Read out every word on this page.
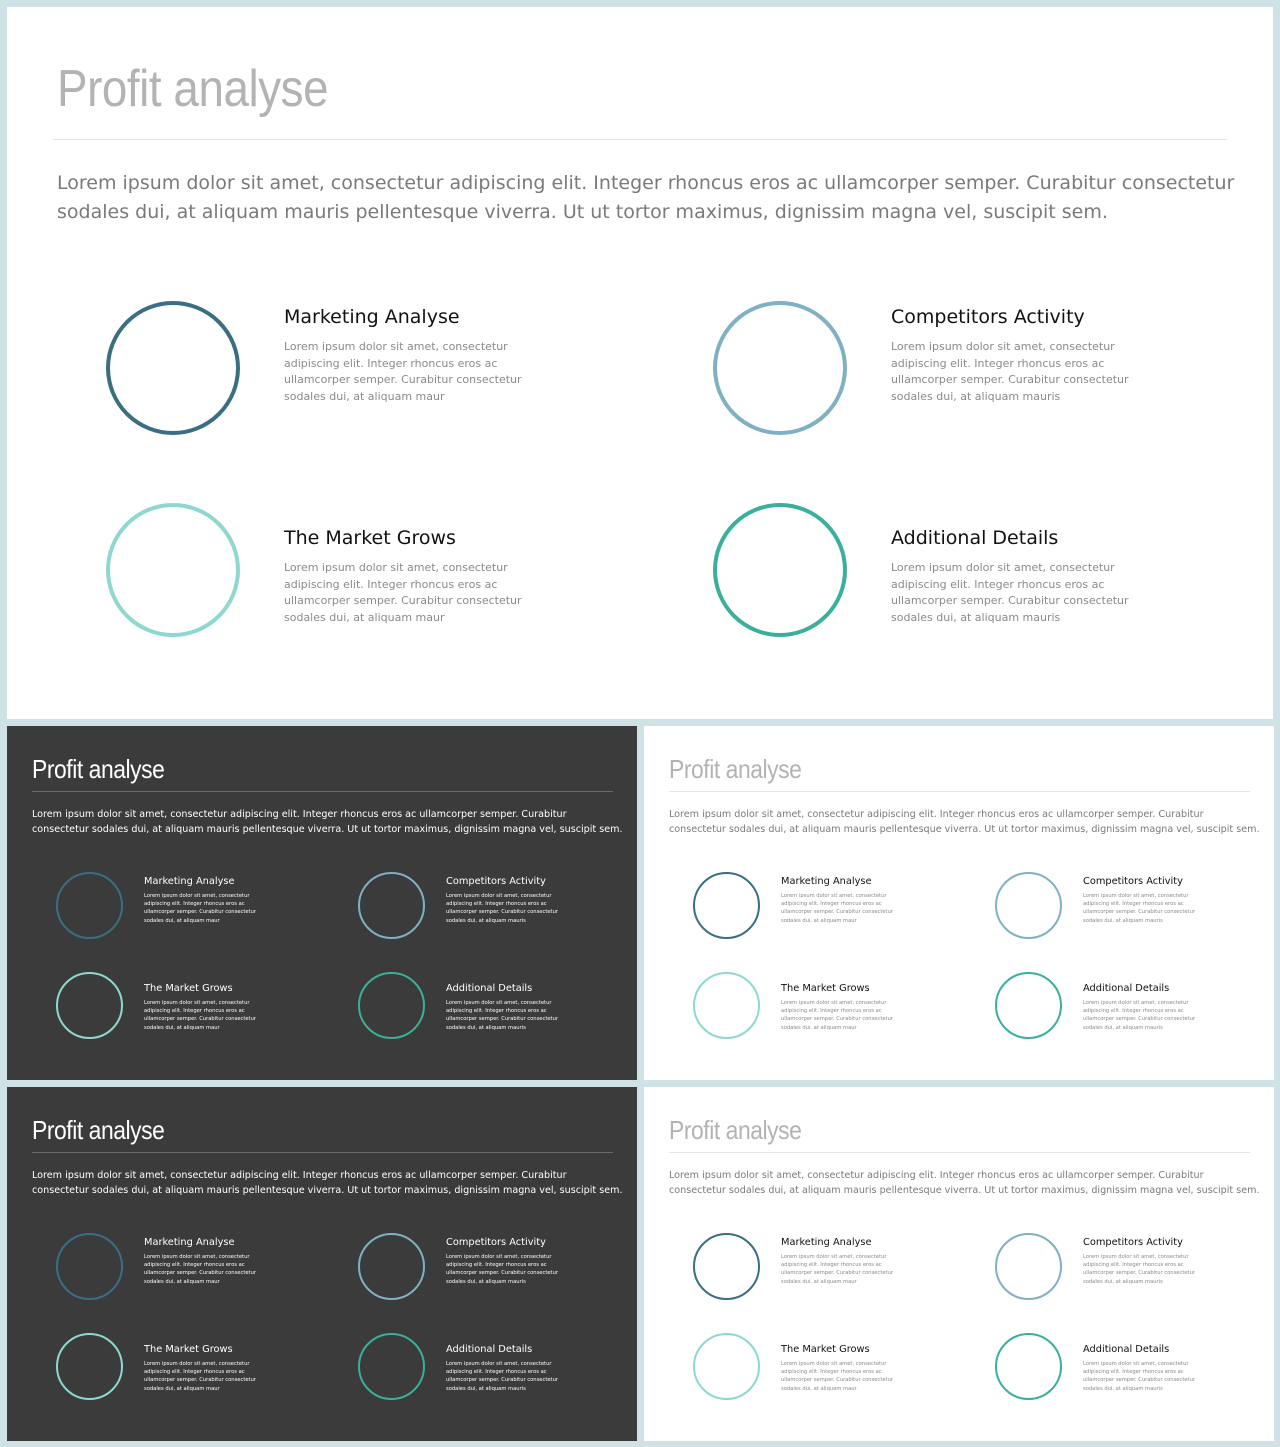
Profit analyse

Lorem ipsum dolor sit amet, consectetur adipiscing elit. Integer rhoncus eros ac ullamcorper semper. Curabitur consectetur sodales dui, at aliquam mauris pellentesque viverra. Ut ut tortor maximus, dignissim magna vel, suscipit sem.

Marketing Analyse

Lorem ipsum dolor sit amet, consectetur adipiscing elit. Integer rhoncus eros ac ullamcorper semper. Curabitur consectetur sodales dui, at aliquam maur

Competitors Activity

Lorem ipsum dolor sit amet, consectetur adipiscing elit. Integer rhoncus eros ac ullamcorper semper. Curabitur consectetur sodales dui, at aliquam mauris

The Market Grows

Lorem ipsum dolor sit amet, consectetur adipiscing elit. Integer rhoncus eros ac ullamcorper semper. Curabitur consectetur sodales dui, at aliquam maur

Additional Details

Lorem ipsum dolor sit amet, consectetur adipiscing elit. Integer rhoncus eros ac ullamcorper semper. Curabitur consectetur sodales dui, at aliquam mauris

Profit analyse

Lorem ipsum dolor sit amet, consectetur adipiscing elit. Integer rhoncus eros ac ullamcorper semper. Curabitur consectetur sodales dui, at aliquam mauris pellentesque viverra. Ut ut tortor maximus, dignissim magna vel, suscipit sem.

Marketing Analyse

Lorem ipsum dolor sit amet, consectetur adipiscing elit. Integer rhoncus eros ac ullamcorper semper. Curabitur consectetur sodales dui, at aliquam maur

Competitors Activity

Lorem ipsum dolor sit amet, consectetur adipiscing elit. Integer rhoncus eros ac ullamcorper semper. Curabitur consectetur sodales dui, at aliquam mauris

The Market Grows

Lorem ipsum dolor sit amet, consectetur adipiscing elit. Integer rhoncus eros ac ullamcorper semper. Curabitur consectetur sodales dui, at aliquam maur

Additional Details

Lorem ipsum dolor sit amet, consectetur adipiscing elit. Integer rhoncus eros ac ullamcorper semper. Curabitur consectetur sodales dui, at aliquam mauris

Profit analyse

Lorem ipsum dolor sit amet, consectetur adipiscing elit. Integer rhoncus eros ac ullamcorper semper. Curabitur consectetur sodales dui, at aliquam mauris pellentesque viverra. Ut ut tortor maximus, dignissim magna vel, suscipit sem.

Marketing Analyse

Lorem ipsum dolor sit amet, consectetur adipiscing elit. Integer rhoncus eros ac ullamcorper semper. Curabitur consectetur sodales dui, at aliquam maur

Competitors Activity

Lorem ipsum dolor sit amet, consectetur adipiscing elit. Integer rhoncus eros ac ullamcorper semper. Curabitur consectetur sodales dui, at aliquam mauris

The Market Grows

Lorem ipsum dolor sit amet, consectetur adipiscing elit. Integer rhoncus eros ac ullamcorper semper. Curabitur consectetur sodales dui, at aliquam maur

Additional Details

Lorem ipsum dolor sit amet, consectetur adipiscing elit. Integer rhoncus eros ac ullamcorper semper. Curabitur consectetur sodales dui, at aliquam mauris

Profit analyse

Lorem ipsum dolor sit amet, consectetur adipiscing elit. Integer rhoncus eros ac ullamcorper semper. Curabitur consectetur sodales dui, at aliquam mauris pellentesque viverra. Ut ut tortor maximus, dignissim magna vel, suscipit sem.

Marketing Analyse

Lorem ipsum dolor sit amet, consectetur adipiscing elit. Integer rhoncus eros ac ullamcorper semper. Curabitur consectetur sodales dui, at aliquam maur

Competitors Activity

Lorem ipsum dolor sit amet, consectetur adipiscing elit. Integer rhoncus eros ac ullamcorper semper. Curabitur consectetur sodales dui, at aliquam mauris

The Market Grows

Lorem ipsum dolor sit amet, consectetur adipiscing elit. Integer rhoncus eros ac ullamcorper semper. Curabitur consectetur sodales dui, at aliquam maur

Additional Details

Lorem ipsum dolor sit amet, consectetur adipiscing elit. Integer rhoncus eros ac ullamcorper semper. Curabitur consectetur sodales dui, at aliquam mauris

Profit analyse

Lorem ipsum dolor sit amet, consectetur adipiscing elit. Integer rhoncus eros ac ullamcorper semper. Curabitur consectetur sodales dui, at aliquam mauris pellentesque viverra. Ut ut tortor maximus, dignissim magna vel, suscipit sem.

Marketing Analyse

Lorem ipsum dolor sit amet, consectetur adipiscing elit. Integer rhoncus eros ac ullamcorper semper. Curabitur consectetur sodales dui, at aliquam maur

Competitors Activity

Lorem ipsum dolor sit amet, consectetur adipiscing elit. Integer rhoncus eros ac ullamcorper semper. Curabitur consectetur sodales dui, at aliquam mauris

The Market Grows

Lorem ipsum dolor sit amet, consectetur adipiscing elit. Integer rhoncus eros ac ullamcorper semper. Curabitur consectetur sodales dui, at aliquam maur

Additional Details

Lorem ipsum dolor sit amet, consectetur adipiscing elit. Integer rhoncus eros ac ullamcorper semper. Curabitur consectetur sodales dui, at aliquam mauris
